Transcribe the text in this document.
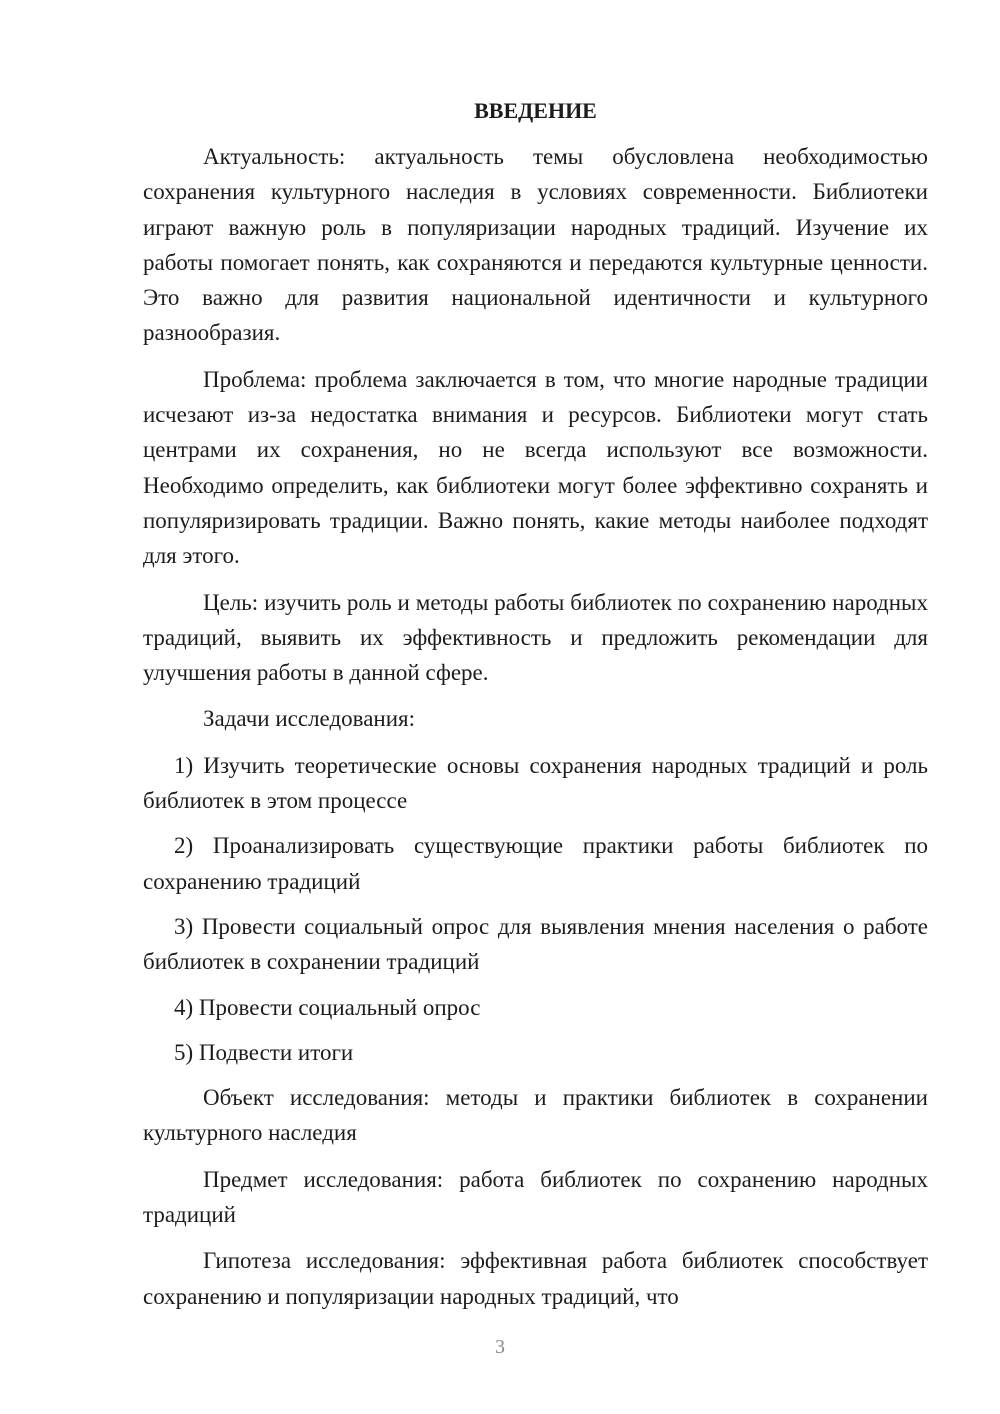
ВВЕДЕНИЕ

Актуальность: актуальность темы обусловлена необходимостью сохранения культурного наследия в условиях современности. Библиотеки играют важную роль в популяризации народных традиций. Изучение их работы помогает понять, как сохраняются и передаются культурные ценности. Это важно для развития национальной идентичности и культурного разнообразия.

Проблема: проблема заключается в том, что многие народные традиции исчезают из-за недостатка внимания и ресурсов. Библиотеки могут стать центрами их сохранения, но не всегда используют все возможности. Необходимо определить, как библиотеки могут более эффективно сохранять и популяризировать традиции. Важно понять, какие методы наиболее подходят для этого.

Цель: изучить роль и методы работы библиотек по сохранению народных традиций, выявить их эффективность и предложить рекомендации для улучшения работы в данной сфере.

Задачи исследования:

1) Изучить теоретические основы сохранения народных традиций и роль библиотек в этом процессе

2) Проанализировать существующие практики работы библиотек по сохранению традиций

3) Провести социальный опрос для выявления мнения населения о работе библиотек в сохранении традиций

4) Провести социальный опрос

5) Подвести итоги

Объект исследования: методы и практики библиотек в сохранении культурного наследия

Предмет исследования: работа библиотек по сохранению народных традиций

Гипотеза исследования: эффективная работа библиотек способствует сохранению и популяризации народных традиций, что

3
